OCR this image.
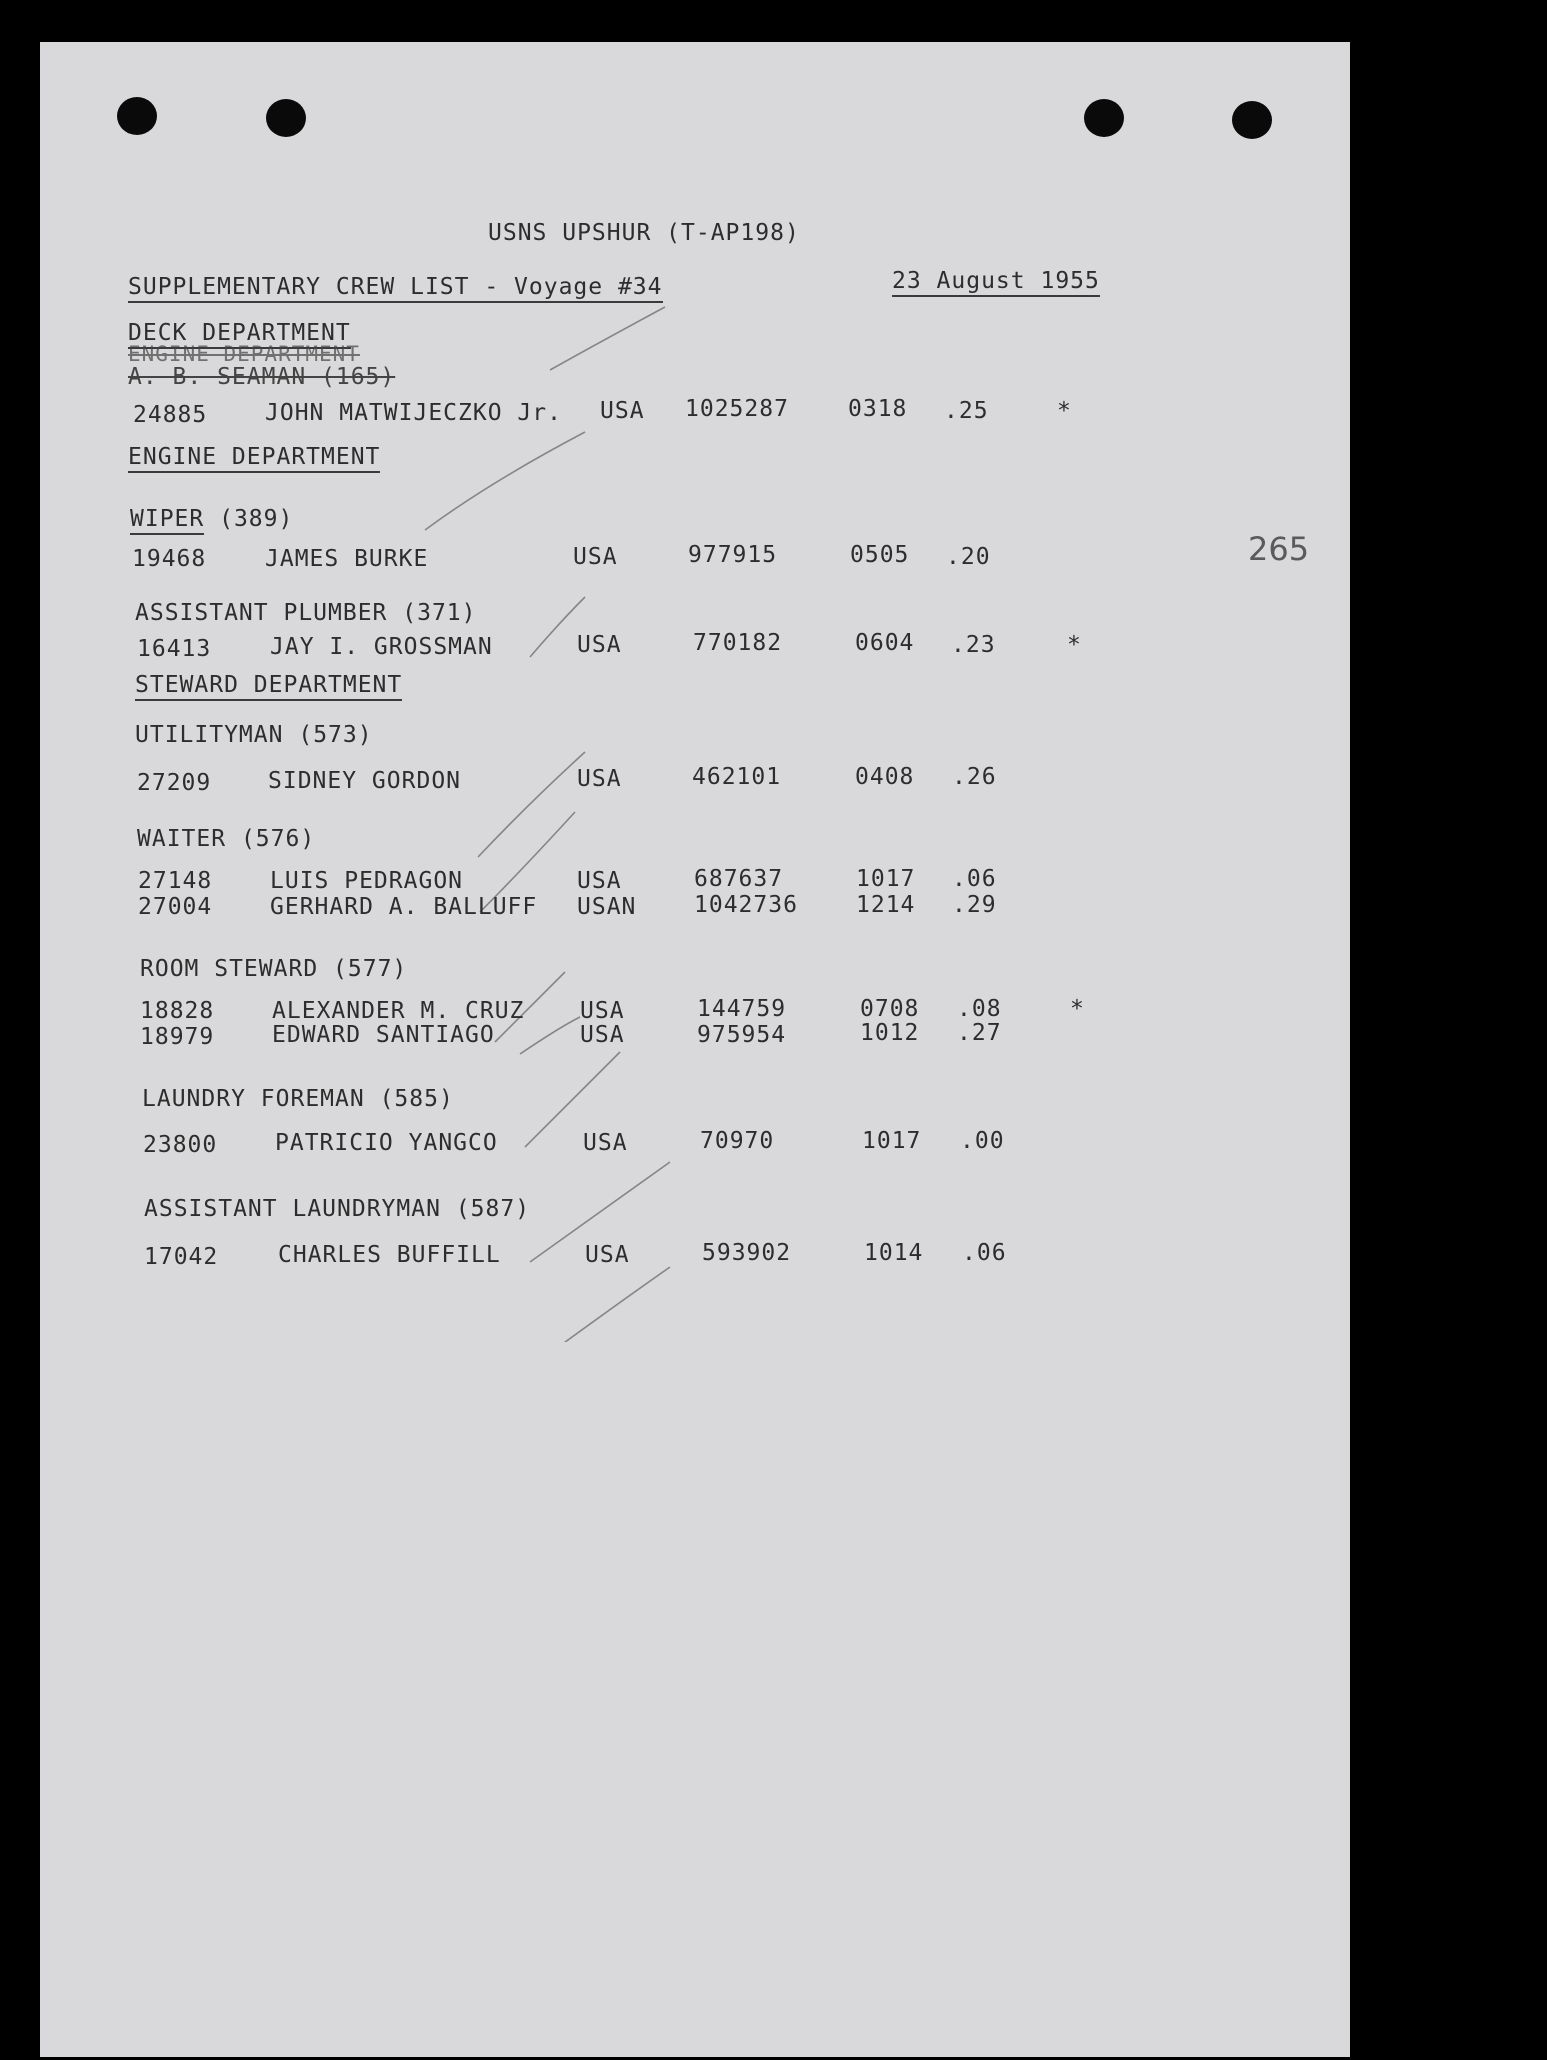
USNS UPSHUR (T-AP198)
SUPPLEMENTARY CREW LIST - Voyage #34	23 August 1955
DECK DEPARTMENT
ENGINE DEPARTMENT
A. B. SEAMAN (165)
24885	JOHN MATWIJECZKO Jr. USA 1025287	0318 .25	*
ENGINE DEPARTMENT
WIPER (389)
19468	JAMES BURKE	USA	977915	0505 .20
ASSISTANT PLUMBER (371)
16413	JAY I. GROSSMAN	USA	770182	0604 .23	*
STEWARD DEPARTMENT
UTILITYMAN (573)
27209 SIDNEY GORDON	USA	462101	0408 .26
WAITER (576)
27148	LUIS PEDRAGON	USA	687637	1017 .06
27004	GERHARD A. BALLUFF USAN	1042736	1214 .29
ROOM STEWARD (577)
18828	ALEXANDER M. CRUZ USA	144759	0708 .08	*
18979	EDWARD SANTIAGO	USA	975954	1012 .27
LAUNDRY FOREMAN (585)
23800	PATRICIO YANGCO	USA	70970	1017 .00
ASSISTANT LAUNDRYMAN (587)
17042	CHARLES BUFFILL	USA	593902	1014 .06
265
